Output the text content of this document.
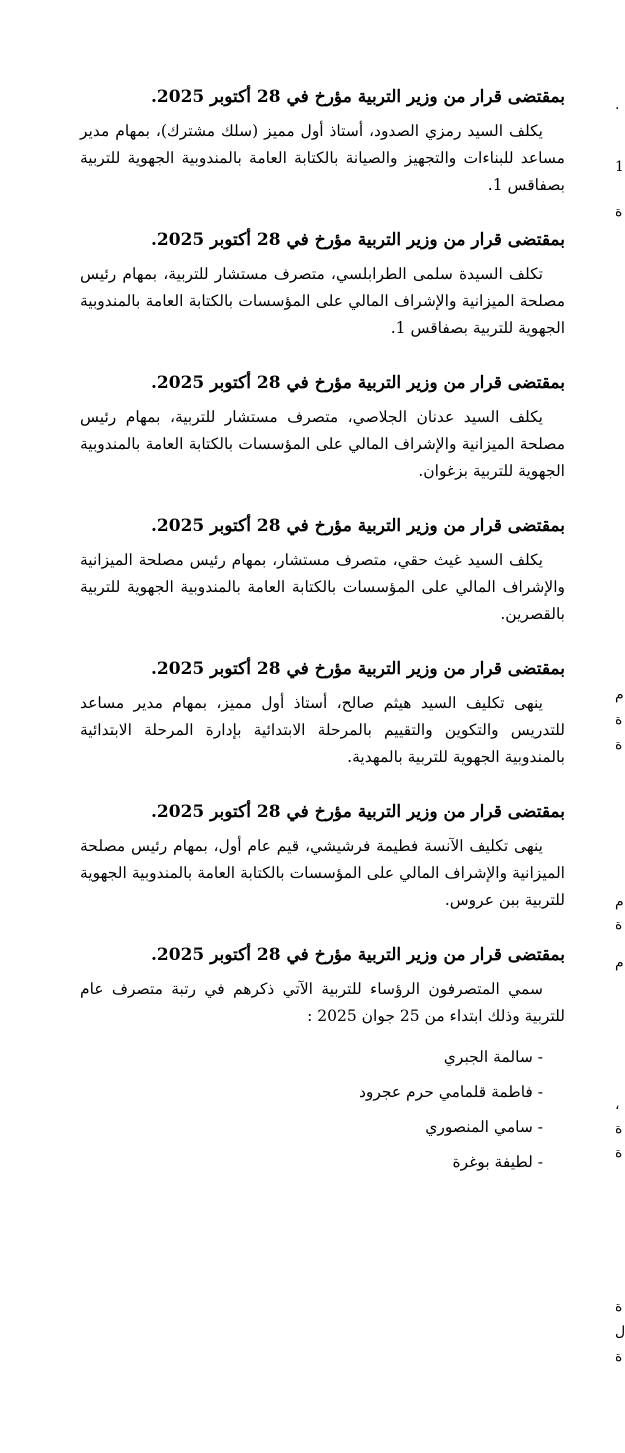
بمقتضى قرار من وزير التربية مؤرخ في 28 أكتوبر 2025.

يكلف السيد رمزي الصدود، أستاذ أول مميز (سلك مشترك)، بمهام مدير مساعد للبناءات والتجهيز والصيانة بالكتابة العامة بالمندوبية الجهوية للتربية بصفاقس 1.

بمقتضى قرار من وزير التربية مؤرخ في 28 أكتوبر 2025.

تكلف السيدة سلمى الطرابلسي، متصرف مستشار للتربية، بمهام رئيس مصلحة الميزانية والإشراف المالي على المؤسسات بالكتابة العامة بالمندوبية الجهوية للتربية بصفاقس 1.

بمقتضى قرار من وزير التربية مؤرخ في 28 أكتوبر 2025.

يكلف السيد عدنان الجلاصي، متصرف مستشار للتربية، بمهام رئيس مصلحة الميزانية والإشراف المالي على المؤسسات بالكتابة العامة بالمندوبية الجهوية للتربية بزغوان.

بمقتضى قرار من وزير التربية مؤرخ في 28 أكتوبر 2025.

يكلف السيد غيث حقي، متصرف مستشار، بمهام رئيس مصلحة الميزانية والإشراف المالي على المؤسسات بالكتابة العامة بالمندوبية الجهوية للتربية بالقصرين.

بمقتضى قرار من وزير التربية مؤرخ في 28 أكتوبر 2025.

ينهى تكليف السيد هيثم صالح، أستاذ أول مميز، بمهام مدير مساعد للتدريس والتكوين والتقييم بالمرحلة الابتدائية بإدارة المرحلة الابتدائية بالمندوبية الجهوية للتربية بالمهدية.

بمقتضى قرار من وزير التربية مؤرخ في 28 أكتوبر 2025.

ينهى تكليف الآنسة فطيمة فرشيشي، قيم عام أول، بمهام رئيس مصلحة الميزانية والإشراف المالي على المؤسسات بالكتابة العامة بالمندوبية الجهوية للتربية ببن عروس.

بمقتضى قرار من وزير التربية مؤرخ في 28 أكتوبر 2025.

سمي المتصرفون الرؤساء للتربية الآتي ذكرهم في رتبة متصرف عام للتربية وذلك ابتداء من 25 جوان 2025 :

- سالمة الجبري
- فاطمة قلمامي حرم عجرود
- سامي المنصوري
- لطيفة بوغرة
.
1
ة
م
ة
ة
م
ة
م
،
ة
ة
ة
ل
ة
